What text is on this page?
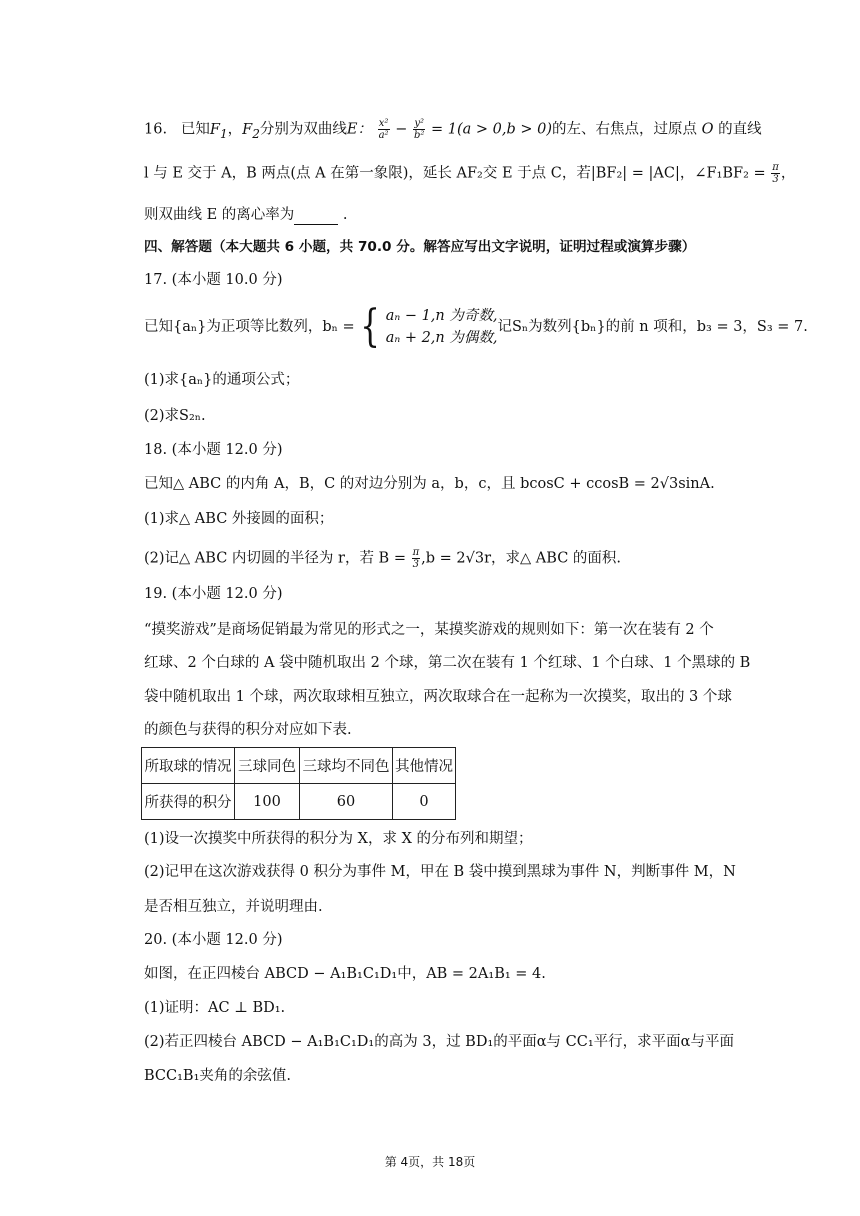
16. 已知$F_1$，$F_2$分别为双曲线E： $\frac{\text{x²}}{\text{a²}} - \frac{\text{y²}}{\text{b²}} = 1(a > 0,b > 0)$的左、右焦点，过原点 O 的直线
l 与 E 交于 A，B 两点(点 A 在第一象限)，延长 AF₂交 E 于点 C，若|BF₂| = |AC|，∠F₁BF₂ = $\frac{\pi}{3}$ ，
则双曲线 E 的离心率为	.
四、解答题（本大题共 6 小题，共 70.0 分。解答应写出文字说明，证明过程或演算步骤）
17. (本小题 10.0 分)
已知{aₙ}为正项等比数列，bₙ = { aₙ − 1,n 为奇数,
aₙ + 2,n 为偶数,
记Sₙ为数列{bₙ}的前 n 项和，b₃ = 3，S₃ = 7.
(1)求{aₙ}的通项公式；
(2)求S₂ₙ.
18. (本小题 12.0 分)
已知△ ABC 的内角 A，B，C 的对边分别为 a，b，c，且 bcosC + ccosB = 2√3sinA.
(1)求△ ABC 外接圆的面积；
(2)记△ ABC 内切圆的半径为 r，若 $B = \frac{\pi}{3} ,b = 2√3r$，求△ ABC 的面积.
19. (本小题 12.0 分)
“摸奖游戏”是商场促销最为常见的形式之一，某摸奖游戏的规则如下：第一次在装有 2 个
红球、2 个白球的 A 袋中随机取出 2 个球，第二次在装有 1 个红球、1 个白球、1 个黑球的 B
袋中随机取出 1 个球，两次取球相互独立，两次取球合在一起称为一次摸奖，取出的 3 个球
的颜色与获得的积分对应如下表.
所取球的情况	三球同色	三球均不同色	其他情况
所获得的积分	100	60	0
(1)设一次摸奖中所获得的积分为 X，求 X 的分布列和期望；
(2)记甲在这次游戏获得 0 积分为事件 M，甲在 B 袋中摸到黑球为事件 N，判断事件 M，N
是否相互独立，并说明理由.
20. (本小题 12.0 分)
如图，在正四棱台 ABCD − A₁B₁C₁D₁中，AB = 2A₁B₁ = 4.
(1)证明：AC ⊥ BD₁.
(2)若正四棱台 ABCD − A₁B₁C₁D₁的高为 3，过 BD₁的平面α与 CC₁平行，求平面α与平面
BCC₁B₁夹角的余弦值.
第 4页，共 18页
